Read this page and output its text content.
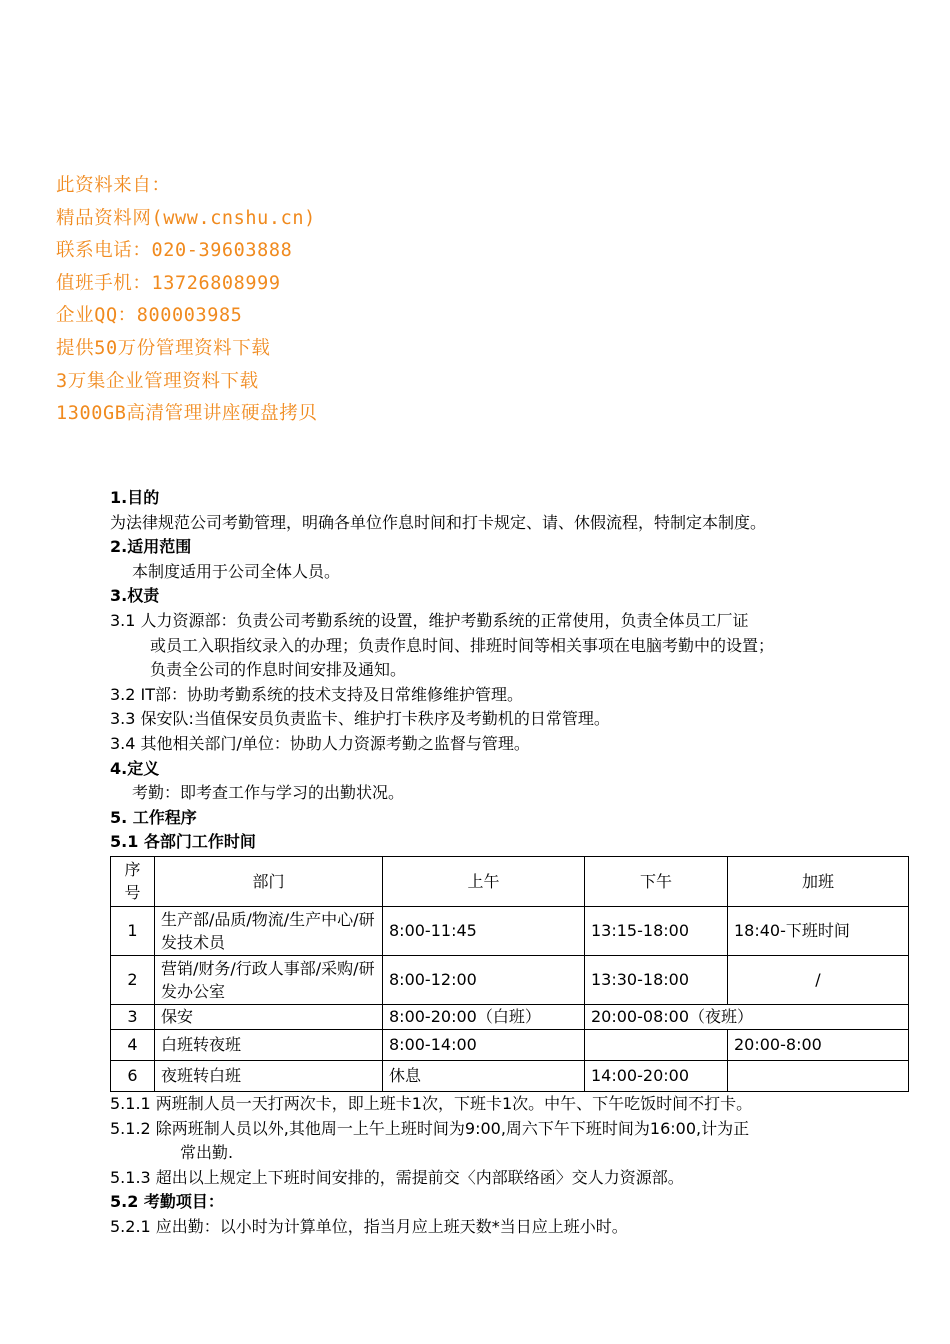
此资料来自：
精品资料网(www.cnshu.cn)
联系电话：020-39603888
值班手机：13726808999
企业QQ：800003985
提供50万份管理资料下载
3万集企业管理资料下载
1300GB高清管理讲座硬盘拷贝
1.目的
为法律规范公司考勤管理，明确各单位作息时间和打卡规定、请、休假流程，特制定本制度。
2.适用范围
本制度适用于公司全体人员。
3.权责
3.1 人力资源部：负责公司考勤系统的设置，维护考勤系统的正常使用，负责全体员工厂证
或员工入职指纹录入的办理；负责作息时间、排班时间等相关事项在电脑考勤中的设置；
负责全公司的作息时间安排及通知。
3.2 IT部：协助考勤系统的技术支持及日常维修维护管理。
3.3 保安队:当值保安员负责监卡、维护打卡秩序及考勤机的日常管理。
3.4 其他相关部门/单位：协助人力资源考勤之监督与管理。
4.定义
考勤：即考查工作与学习的出勤状况。
5. 工作程序
5.1 各部门工作时间
序号	部门	上午	下午	加班
1	生产部/品质/物流/生产中心/研发技术员	8:00-11:45	13:15-18:00	18:40-下班时间
2	营销/财务/行政人事部/采购/研发办公室	8:00-12:00	13:30-18:00	/
3	保安	8:00-20:00（白班）	20:00-08:00（夜班）	
4	白班转夜班	8:00-14:00		20:00-8:00
6	夜班转白班	休息	14:00-20:00	
5.1.1 两班制人员一天打两次卡，即上班卡1次，下班卡1次。中午、下午吃饭时间不打卡。
5.1.2 除两班制人员以外,其他周一上午上班时间为9:00,周六下午下班时间为16:00,计为正
常出勤.
5.1.3 超出以上规定上下班时间安排的，需提前交〈内部联络函〉交人力资源部。
5.2 考勤项目：
5.2.1 应出勤：以小时为计算单位，指当月应上班天数*当日应上班小时。
